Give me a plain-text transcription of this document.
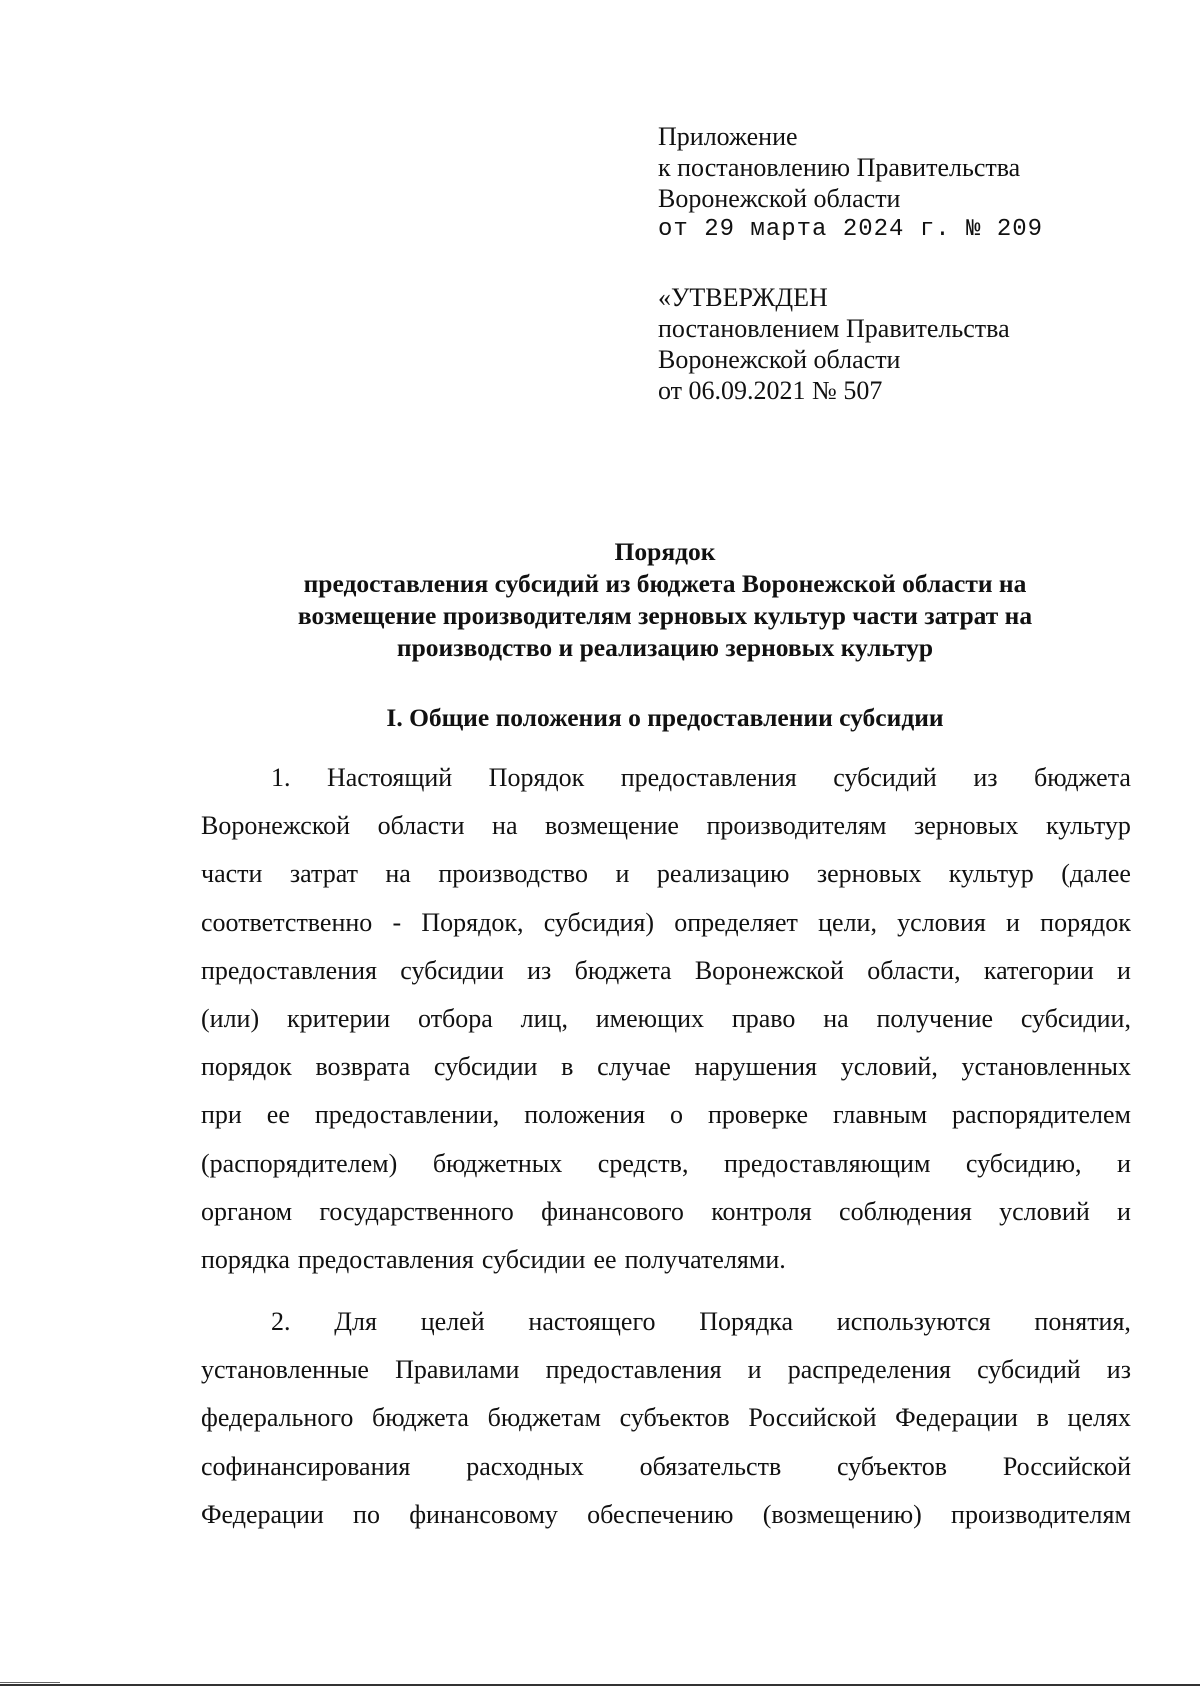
Приложение
к постановлению Правительства
Воронежской области
от 29 марта 2024 г. № 209
«УТВЕРЖДЕН
постановлением Правительства
Воронежской области
от 06.09.2021 № 507
Порядок
предоставления субсидий из бюджета Воронежской области на
возмещение производителям зерновых культур части затрат на
производство и реализацию зерновых культур
I. Общие положения о предоставлении субсидии
1. Настоящий Порядок предоставления субсидий из бюджета
Воронежской области на возмещение производителям зерновых культур
части затрат на производство и реализацию зерновых культур (далее
соответственно - Порядок, субсидия) определяет цели, условия и порядок
предоставления субсидии из бюджета Воронежской области, категории и
(или) критерии отбора лиц, имеющих право на получение субсидии,
порядок возврата субсидии в случае нарушения условий, установленных
при ее предоставлении, положения о проверке главным распорядителем
(распорядителем) бюджетных средств, предоставляющим субсидию, и
органом государственного финансового контроля соблюдения условий и
порядка предоставления субсидии ее получателями.
2. Для целей настоящего Порядка используются понятия,
установленные Правилами предоставления и распределения субсидий из
федерального бюджета бюджетам субъектов Российской Федерации в целях
софинансирования расходных обязательств субъектов Российской
Федерации по финансовому обеспечению (возмещению) производителям
